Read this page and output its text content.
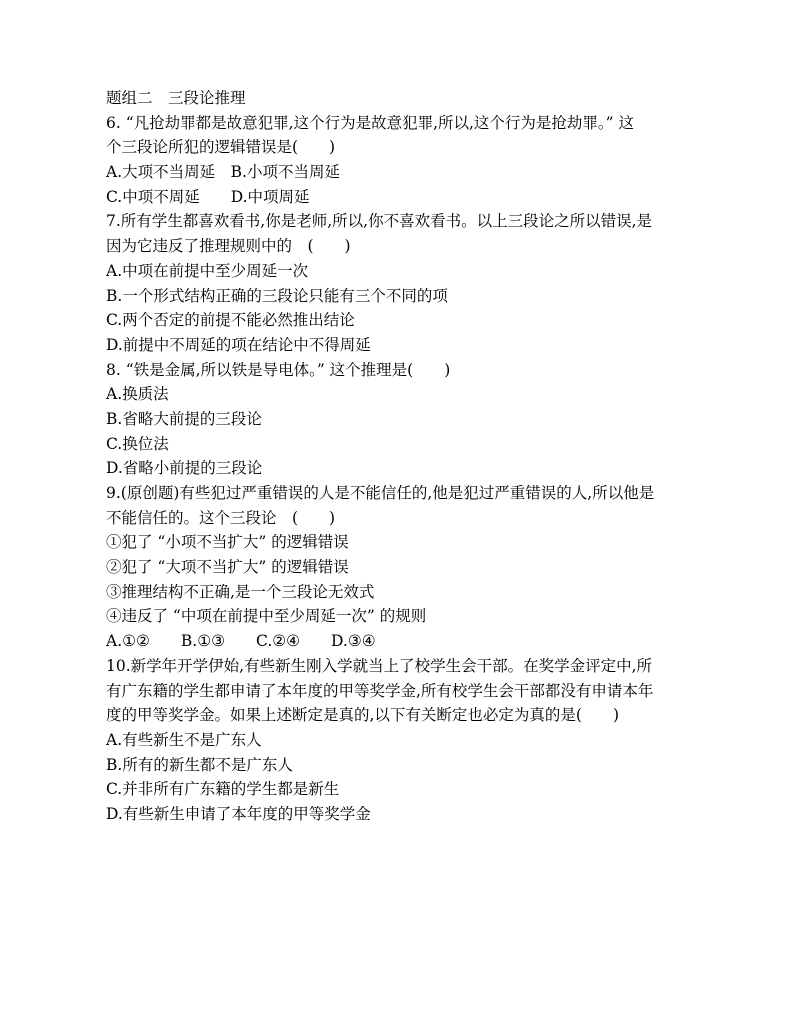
题组二　三段论推理
6. “凡抢劫罪都是故意犯罪,这个行为是故意犯罪,所以,这个行为是抢劫罪。” 这
个三段论所犯的逻辑错误是(　　)
A.大项不当周延　B.小项不当周延
C.中项不周延　　D.中项周延
7.所有学生都喜欢看书,你是老师,所以,你不喜欢看书。以上三段论之所以错误,是
因为它违反了推理规则中的　(　　)
A.中项在前提中至少周延一次
B.一个形式结构正确的三段论只能有三个不同的项
C.两个否定的前提不能必然推出结论
D.前提中不周延的项在结论中不得周延
8. “铁是金属,所以铁是导电体。” 这个推理是(　　)
A.换质法
B.省略大前提的三段论
C.换位法
D.省略小前提的三段论
9.(原创题)有些犯过严重错误的人是不能信任的,他是犯过严重错误的人,所以他是
不能信任的。这个三段论　(　　)
①犯了 “小项不当扩大” 的逻辑错误
②犯了 “大项不当扩大” 的逻辑错误
③推理结构不正确,是一个三段论无效式
④违反了 “中项在前提中至少周延一次” 的规则
A.①②　　B.①③　　C.②④　　D.③④
10.新学年开学伊始,有些新生刚入学就当上了校学生会干部。在奖学金评定中,所
有广东籍的学生都申请了本年度的甲等奖学金,所有校学生会干部都没有申请本年
度的甲等奖学金。如果上述断定是真的,以下有关断定也必定为真的是(　　)
A.有些新生不是广东人
B.所有的新生都不是广东人
C.并非所有广东籍的学生都是新生
D.有些新生申请了本年度的甲等奖学金
